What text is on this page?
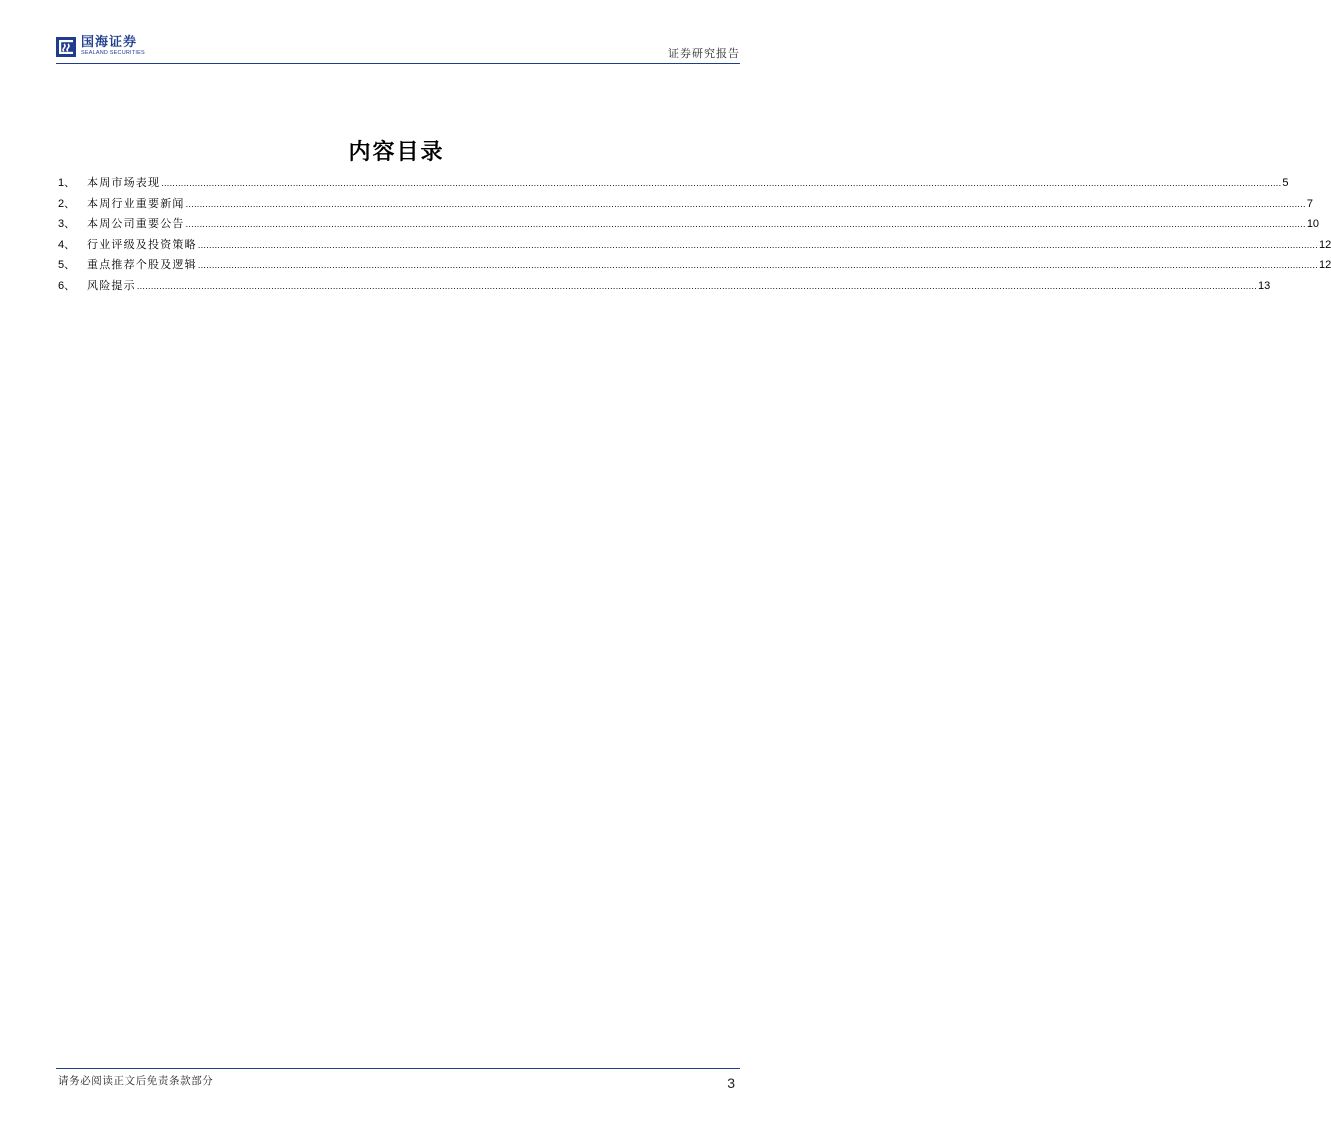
国海证券
SEALAND SECURITIES	证券研究报告
内容目录
1、	本周市场表现 ................................................................................................................................................................................................................................................................................................................................................................................................................ 5
2、	本周行业重要新闻 ................................................................................................................................................................................................................................................................................................................................................................................................................ 7
3、	本周公司重要公告 ................................................................................................................................................................................................................................................................................................................................................................................................................ 10
4、	行业评级及投资策略 ................................................................................................................................................................................................................................................................................................................................................................................................................ 12
5、	重点推荐个股及逻辑 ................................................................................................................................................................................................................................................................................................................................................................................................................ 12
6、	风险提示 ................................................................................................................................................................................................................................................................................................................................................................................................................ 13
请务必阅读正文后免责条款部分	3
